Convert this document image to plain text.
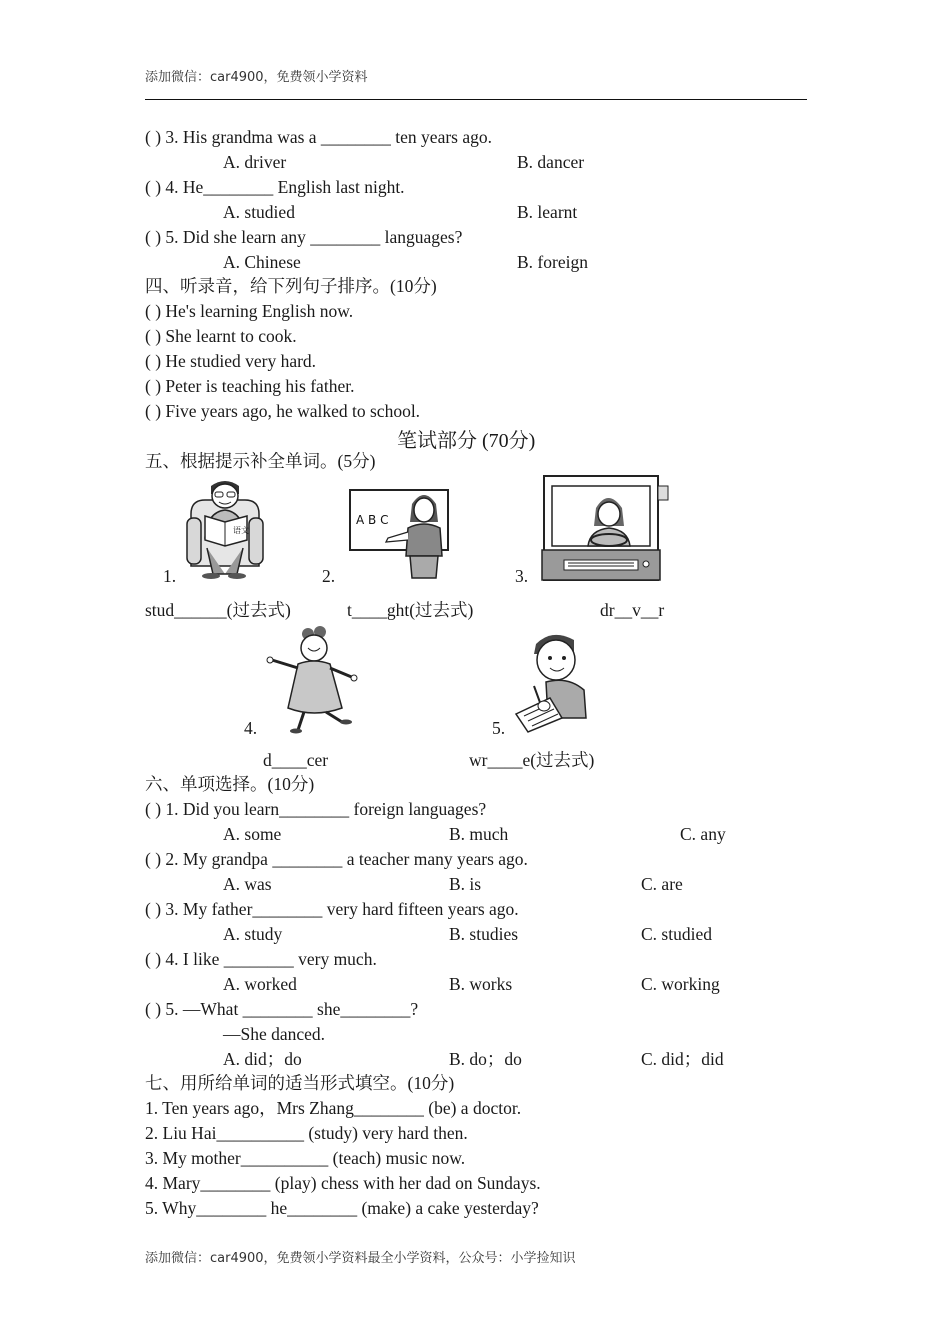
添加微信：car4900，免费领小学资料
( ) 3. His grandma was a ________ ten years ago.
A. driver	B. dancer
( ) 4. He________ English last night.
A. studied	B. learnt
( ) 5. Did she learn any ________ languages?
A. Chinese	B. foreign
四、听录音，给下列句子排序。(10分)
( ) He's learning English now.
( ) She learnt to cook.
( ) He studied very hard.
( ) Peter is teaching his father.
( ) Five years ago, he walked to school.
笔试部分 (70分)
五、根据提示补全单词。(5分)
语文
1.
A B C
2.	3.
stud______(过去式)	t____ght(过去式)	dr__v__r
4.	5.
d____cer	wr____e(过去式)
六、单项选择。(10分)
( ) 1. Did you learn________ foreign languages?
A. some	B. much	C. any
( ) 2. My grandpa ________ a teacher many years ago.
A. was	B. is	C. are
( ) 3. My father________ very hard fifteen years ago.
A. study	B. studies	C. studied
( ) 4. I like ________ very much.
A. worked	B. works	C. working
( ) 5. —What ________ she________?
—She danced.
A. did；do	B. do；do	C. did；did
七、用所给单词的适当形式填空。(10分)
1. Ten years ago，Mrs Zhang________ (be) a doctor.
2. Liu Hai__________ (study) very hard then.
3. My mother__________ (teach) music now.
4. Mary________ (play) chess with her dad on Sundays.
5. Why________ he________ (make) a cake yesterday?
添加微信：car4900，免费领小学资料最全小学资料，公众号：小学捡知识
